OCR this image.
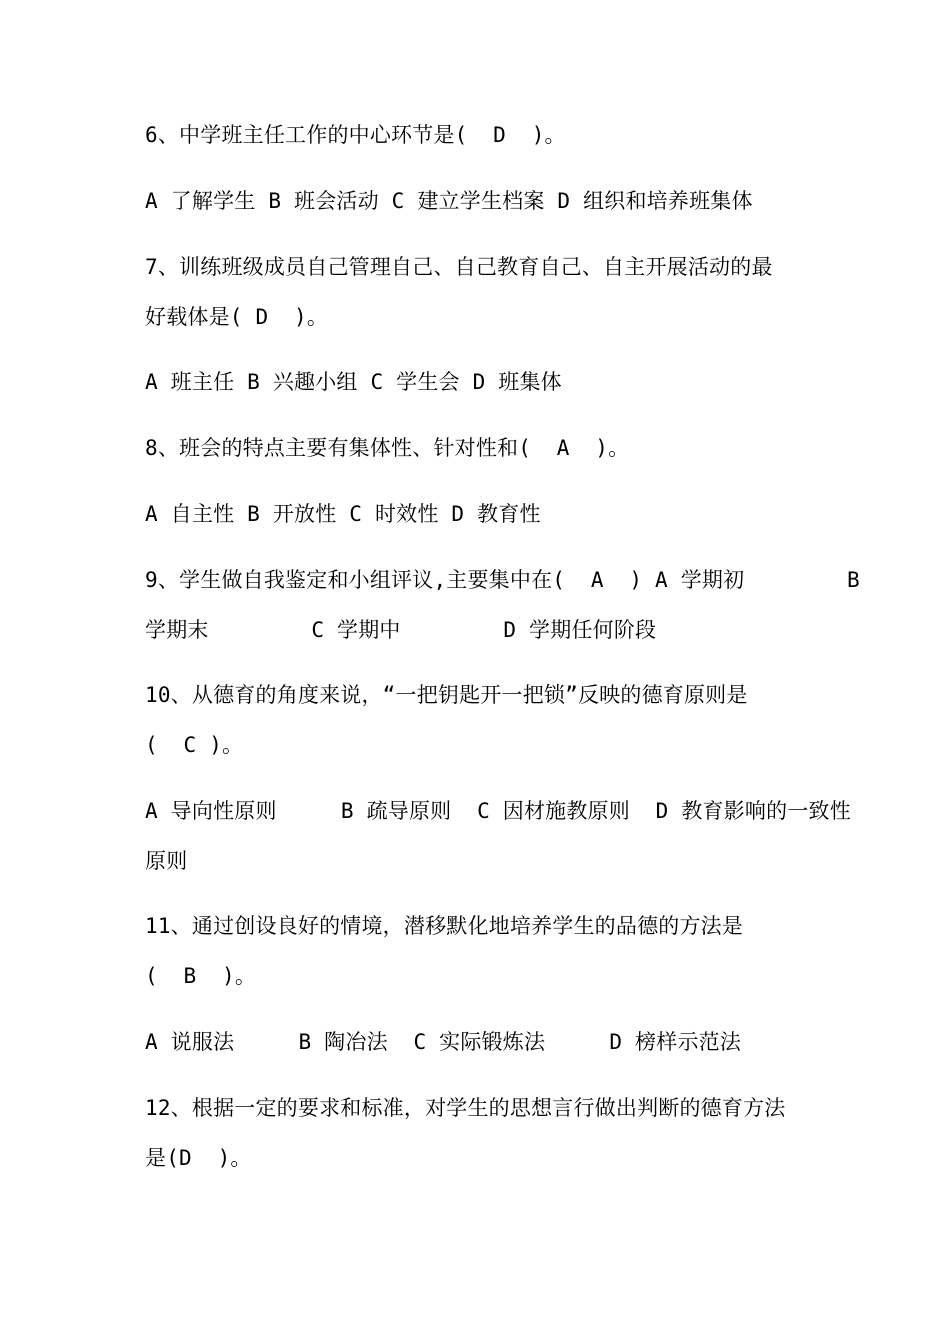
6、中学班主任工作的中心环节是(  D  )。
A 了解学生 B 班会活动 C 建立学生档案 D 组织和培养班集体
7、训练班级成员自己管理自己、自己教育自己、自主开展活动的最
好载体是( D  )。
A 班主任 B 兴趣小组 C 学生会 D 班集体
8、班会的特点主要有集体性、针对性和(  A  )。
A 自主性 B 开放性 C 时效性 D 教育性
9、学生做自我鉴定和小组评议,主要集中在(  A  ) A 学期初        B
学期末        C 学期中        D 学期任何阶段
10、从德育的角度来说，“一把钥匙开一把锁”反映的德育原则是
(  C )。
A 导向性原则     B 疏导原则  C 因材施教原则  D 教育影响的一致性
原则
11、通过创设良好的情境，潜移默化地培养学生的品德的方法是
(  B  )。
A 说服法     B 陶冶法  C 实际锻炼法     D 榜样示范法
12、根据一定的要求和标准，对学生的思想言行做出判断的德育方法
是(D  )。
